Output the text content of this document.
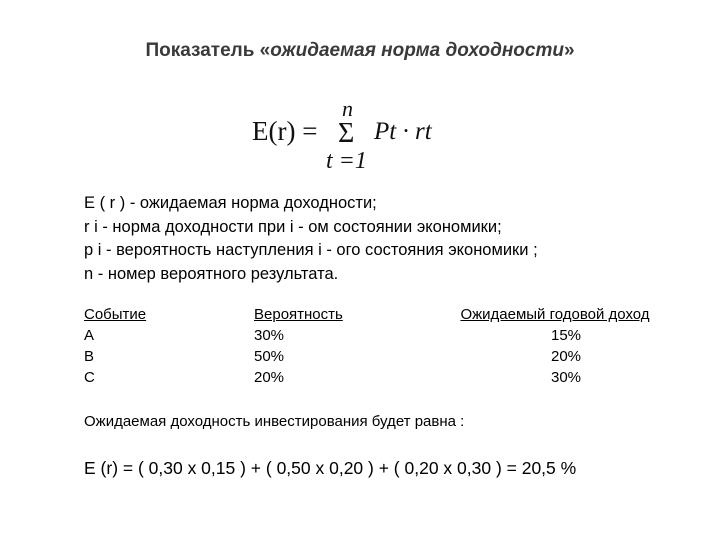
Показатель «ожидаемая норма доходности»
E(r) =
n
Σ Pt · rt
t =1
E ( r ) - ожидаемая норма доходности;
r i - норма доходности при i - ом состоянии экономики;
p i - вероятность наступления i - ого состояния экономики ;
n - номер вероятного результата.
Событие
A
B
C
Вероятность
30%
50%
20%
Ожидаемый годовой доход
15%
20%
30%
Ожидаемая доходность инвестирования будет равна :
E (r) = ( 0,30 x 0,15 ) + ( 0,50 x 0,20 ) + ( 0,20 x 0,30 ) = 20,5 %
